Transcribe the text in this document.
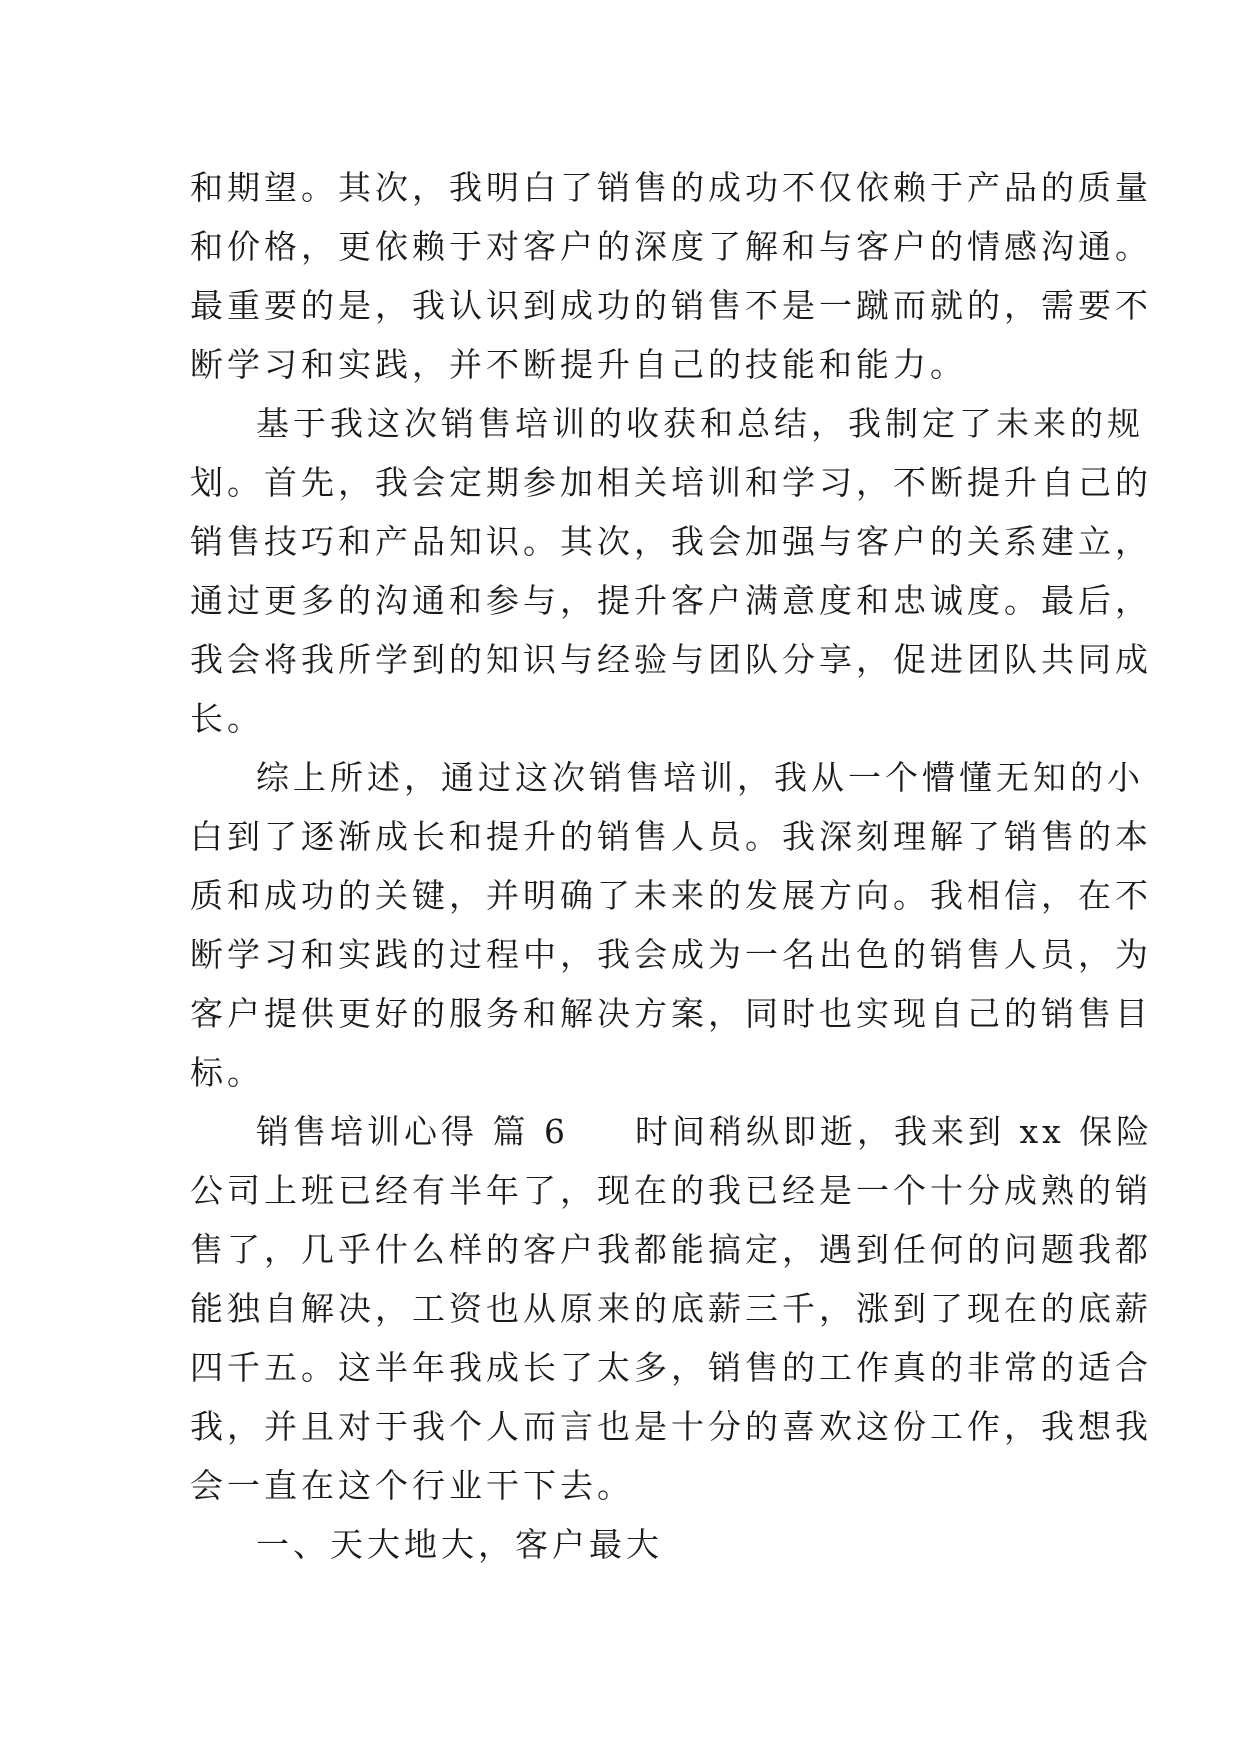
和期望。其次，我明白了销售的成功不仅依赖于产品的质量
和价格，更依赖于对客户的深度了解和与客户的情感沟通。
最重要的是，我认识到成功的销售不是一蹴而就的，需要不
断学习和实践，并不断提升自己的技能和能力。
基于我这次销售培训的收获和总结，我制定了未来的规
划。首先，我会定期参加相关培训和学习，不断提升自己的
销售技巧和产品知识。其次，我会加强与客户的关系建立，
通过更多的沟通和参与，提升客户满意度和忠诚度。最后，
我会将我所学到的知识与经验与团队分享，促进团队共同成
长。
综上所述，通过这次销售培训，我从一个懵懂无知的小
白到了逐渐成长和提升的销售人员。我深刻理解了销售的本
质和成功的关键，并明确了未来的发展方向。我相信，在不
断学习和实践的过程中，我会成为一名出色的销售人员，为
客户提供更好的服务和解决方案，同时也实现自己的销售目
标。
销售培训心得 篇 6 时间稍纵即逝，我来到 xx 保险
公司上班已经有半年了，现在的我已经是一个十分成熟的销
售了，几乎什么样的客户我都能搞定，遇到任何的问题我都
能独自解决，工资也从原来的底薪三千，涨到了现在的底薪
四千五。这半年我成长了太多，销售的工作真的非常的适合
我，并且对于我个人而言也是十分的喜欢这份工作，我想我
会一直在这个行业干下去。
一、天大地大，客户最大
